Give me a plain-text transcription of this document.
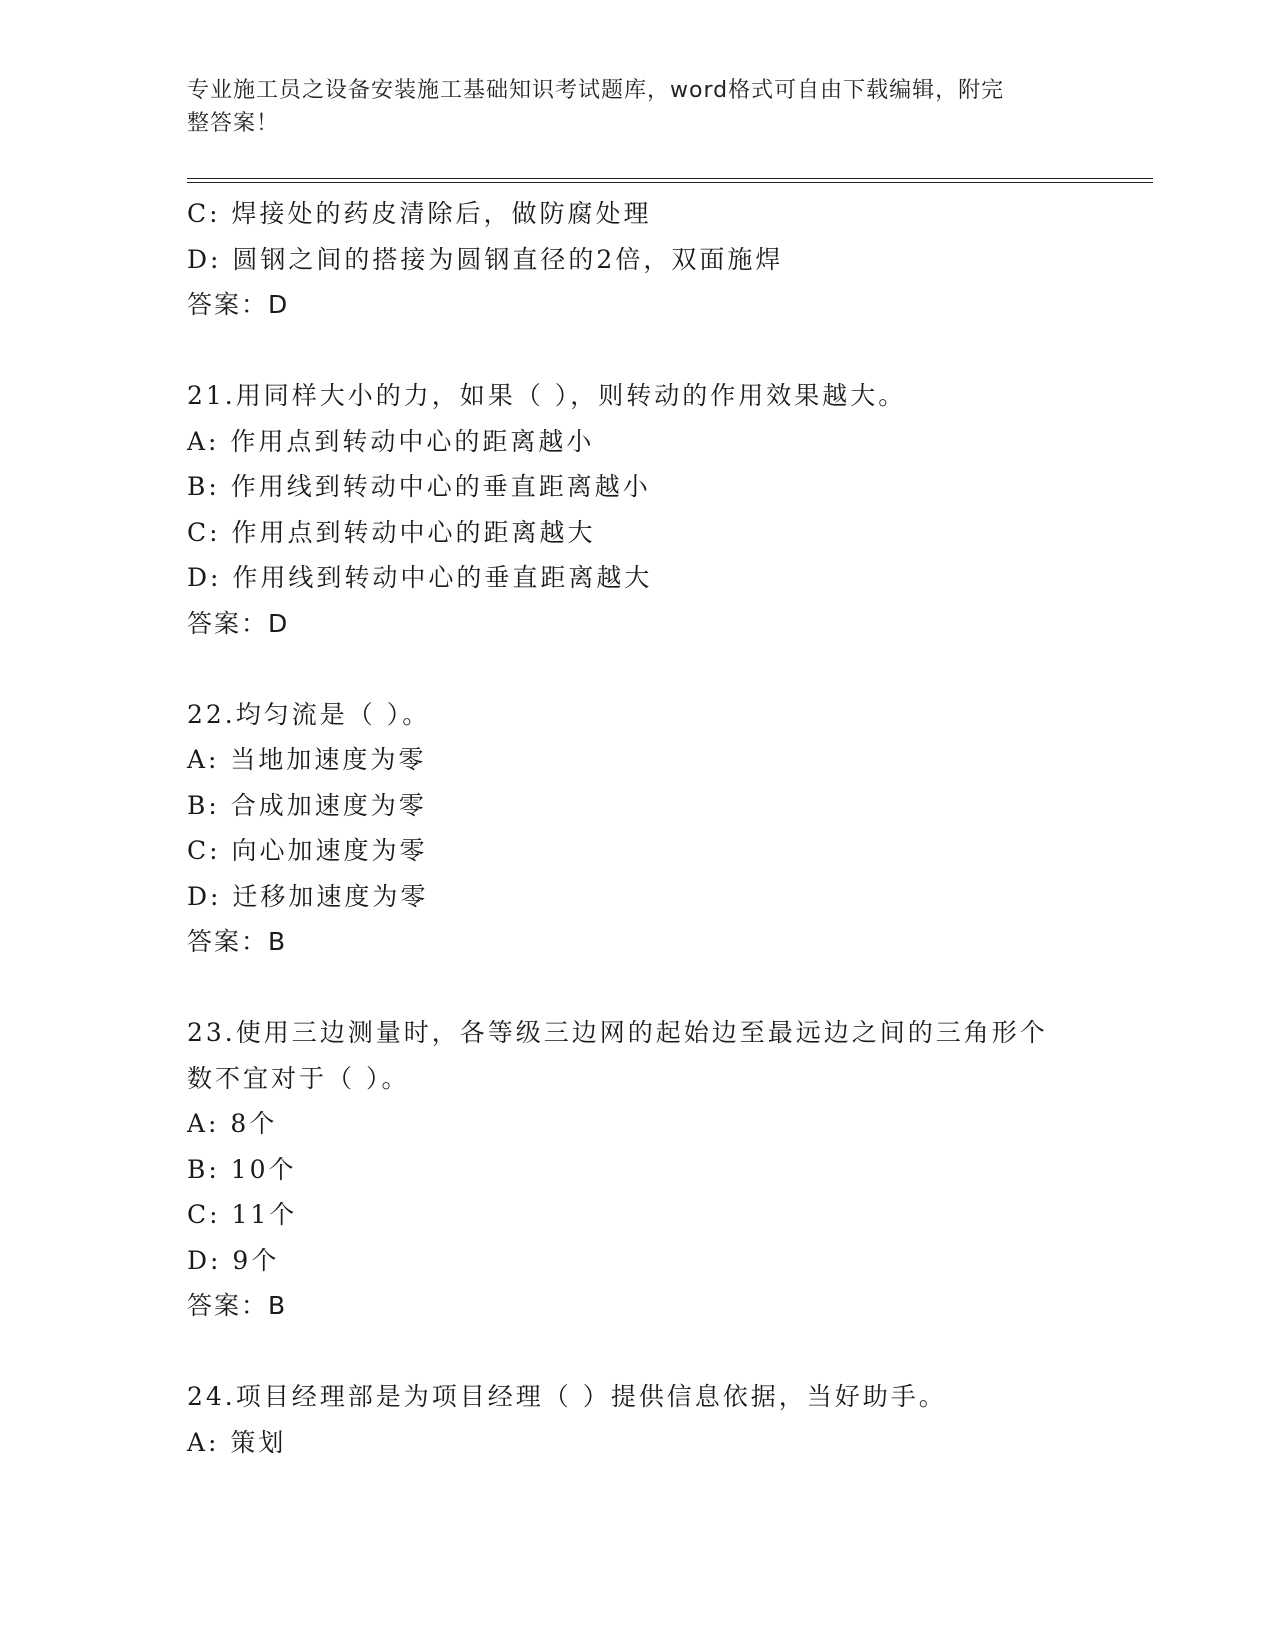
专业施工员之设备安装施工基础知识考试题库，word格式可自由下载编辑，附完
整答案！
C: 焊接处的药皮清除后，做防腐处理
D: 圆钢之间的搭接为圆钢直径的2倍，双面施焊
答案：D
21.用同样大小的力，如果（ ），则转动的作用效果越大。
A: 作用点到转动中心的距离越小
B: 作用线到转动中心的垂直距离越小
C: 作用点到转动中心的距离越大
D: 作用线到转动中心的垂直距离越大
答案：D
22.均匀流是（ ）。
A: 当地加速度为零
B: 合成加速度为零
C: 向心加速度为零
D: 迁移加速度为零
答案：B
23.使用三边测量时，各等级三边网的起始边至最远边之间的三角形个
数不宜对于（ ）。
A: 8个
B: 10个
C: 11个
D: 9个
答案：B
24.项目经理部是为项目经理（ ）提供信息依据，当好助手。
A: 策划
